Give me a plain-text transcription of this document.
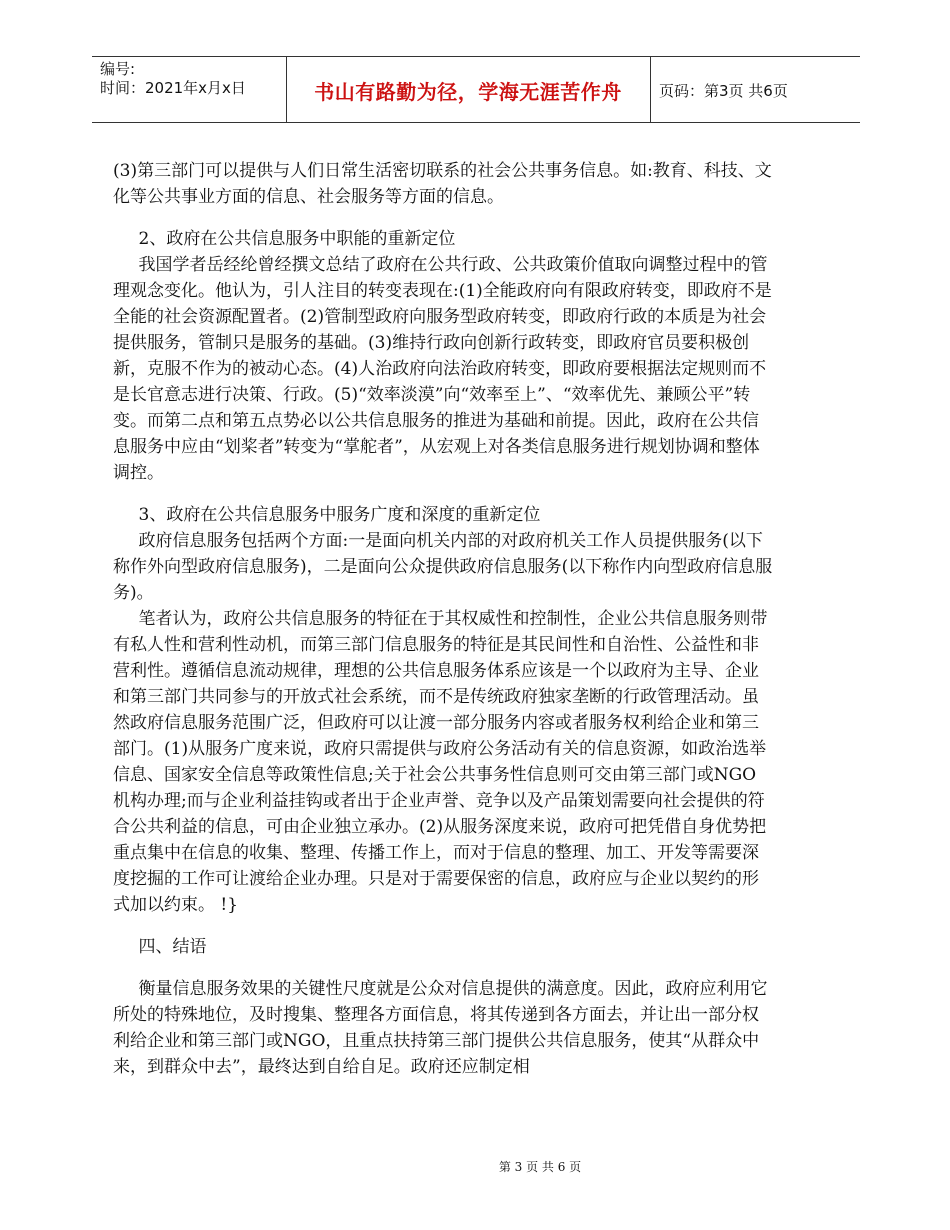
编号:
时间：2021年x月x日	书山有路勤为径，学海无涯苦作舟	页码：第3页 共6页

(3)第三部门可以提供与人们日常生活密切联系的社会公共事务信息。如:教育、科技、文化等公共事业方面的信息、社会服务等方面的信息。

2、政府在公共信息服务中职能的重新定位

我国学者岳经纶曾经撰文总结了政府在公共行政、公共政策价值取向调整过程中的管理观念变化。他认为，引人注目的转变表现在:(1)全能政府向有限政府转变，即政府不是全能的社会资源配置者。(2)管制型政府向服务型政府转变，即政府行政的本质是为社会提供服务，管制只是服务的基础。(3)维持行政向创新行政转变，即政府官员要积极创新，克服不作为的被动心态。(4)人治政府向法治政府转变，即政府要根据法定规则而不是长官意志进行决策、行政。(5)“效率淡漠”向“效率至上”、“效率优先、兼顾公平”转变。而第二点和第五点势必以公共信息服务的推进为基础和前提。因此，政府在公共信息服务中应由“划桨者”转变为“掌舵者”，从宏观上对各类信息服务进行规划协调和整体调控。

3、政府在公共信息服务中服务广度和深度的重新定位

政府信息服务包括两个方面:一是面向机关内部的对政府机关工作人员提供服务(以下称作外向型政府信息服务)，二是面向公众提供政府信息服务(以下称作内向型政府信息服务)。

笔者认为，政府公共信息服务的特征在于其权威性和控制性，企业公共信息服务则带有私人性和营利性动机，而第三部门信息服务的特征是其民间性和自治性、公益性和非营利性。遵循信息流动规律，理想的公共信息服务体系应该是一个以政府为主导、企业和第三部门共同参与的开放式社会系统，而不是传统政府独家垄断的行政管理活动。虽然政府信息服务范围广泛，但政府可以让渡一部分服务内容或者服务权利给企业和第三部门。(1)从服务广度来说，政府只需提供与政府公务活动有关的信息资源，如政治选举信息、国家安全信息等政策性信息;关于社会公共事务性信息则可交由第三部门或NGO机构办理;而与企业利益挂钩或者出于企业声誉、竞争以及产品策划需要向社会提供的符合公共利益的信息，可由企业独立承办。(2)从服务深度来说，政府可把凭借自身优势把重点集中在信息的收集、整理、传播工作上，而对于信息的整理、加工、开发等需要深度挖掘的工作可让渡给企业办理。只是对于需要保密的信息，政府应与企业以契约的形式加以约束。 !}

四、结语

衡量信息服务效果的关键性尺度就是公众对信息提供的满意度。因此，政府应利用它所处的特殊地位，及时搜集、整理各方面信息，将其传递到各方面去，并让出一部分权利给企业和第三部门或NGO，且重点扶持第三部门提供公共信息服务，使其“从群众中来，到群众中去”，最终达到自给自足。政府还应制定相

第 3 页 共 6 页
